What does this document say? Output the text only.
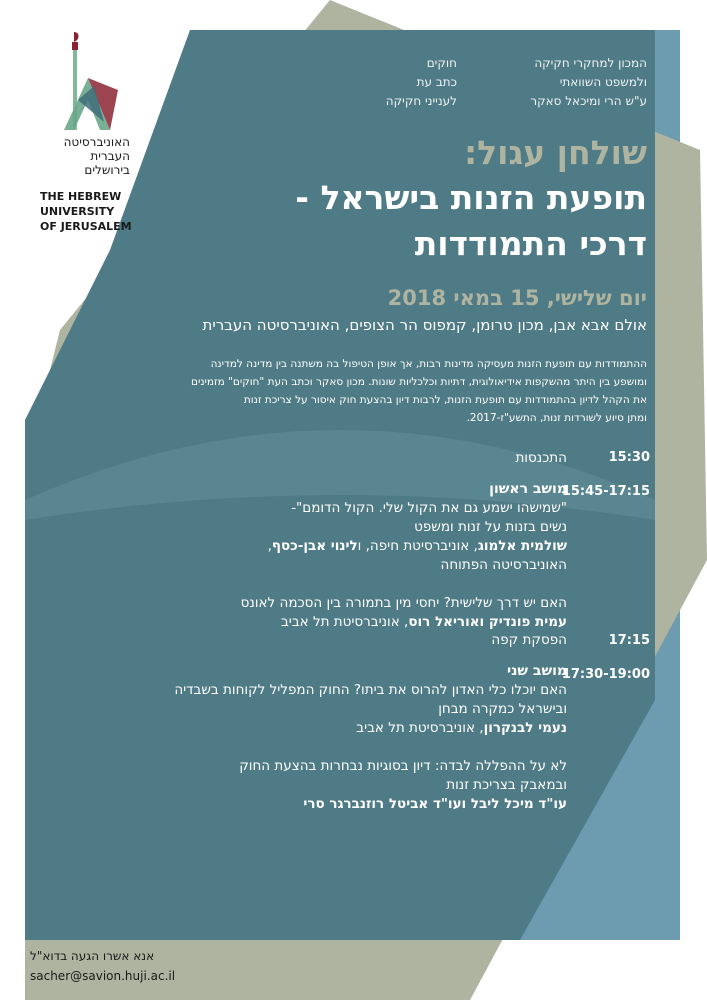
האוניברסיטה
העברית
בירושלים
THE HEBREW
UNIVERSITY
OF JERUSALEM
המכון למחקרי חקיקה
ולמשפט השוואתי
ע"ש הרי ומיכאל סאקר
חוקים
כתב עת
לענייני חקיקה
שולחן עגול:
תופעת הזנות בישראל -
דרכי התמודדות
יום שלישי, 15 במאי 2018
אולם אבא אבן, מכון טרומן, קמפוס הר הצופים, האוניברסיטה העברית
ההתמודדות עם תופעת הזנות מעסיקה מדינות רבות, אך אופן הטיפול בה משתנה בין מדינה למדינה
ומושפע בין היתר מהשקפות אידיאולוגית, דתיות וכלכליות שונות. מכון סאקר וכתב העת "חוקים" מזמינים
את הקהל לדיון בהתמודדות עם תופעת הזנות, לרבות דיון בהצעת חוק איסור על צריכת זנות
ומתן סיוע לשורדות זנות, התשע"ז-2017.
15:30
התכנסות
15:45-17:15
מושב ראשון
"שמישהו ישמע גם את הקול שלי. הקול הדומם"-
נשים בזנות על זנות ומשפט
שולמית אלמוג, אוניברסיטת חיפה, ולינוי אבן-כסף,
האוניברסיטה הפתוחה
האם יש דרך שלישית? יחסי מין בתמורה בין הסכמה לאונס
עמית פונדיק ואוריאל רוס, אוניברסיטת תל אביב
17:15
הפסקת קפה
17:30-19:00
מושב שני
האם יוכלו כלי האדון להרוס את ביתו? החוק המפליל לקוחות בשבדיה
ובישראל כמקרה מבחן
נעמי לבנקרון, אוניברסיטת תל אביב
לא על ההפללה לבדה: דיון בסוגיות נבחרות בהצעת החוק
ובמאבק בצריכת זנות
עו"ד מיכל ליבל ועו"ד אביטל רוזנברגר סרי
אנא אשרו הגעה בדוא"ל
sacher@savion.huji.ac.il
